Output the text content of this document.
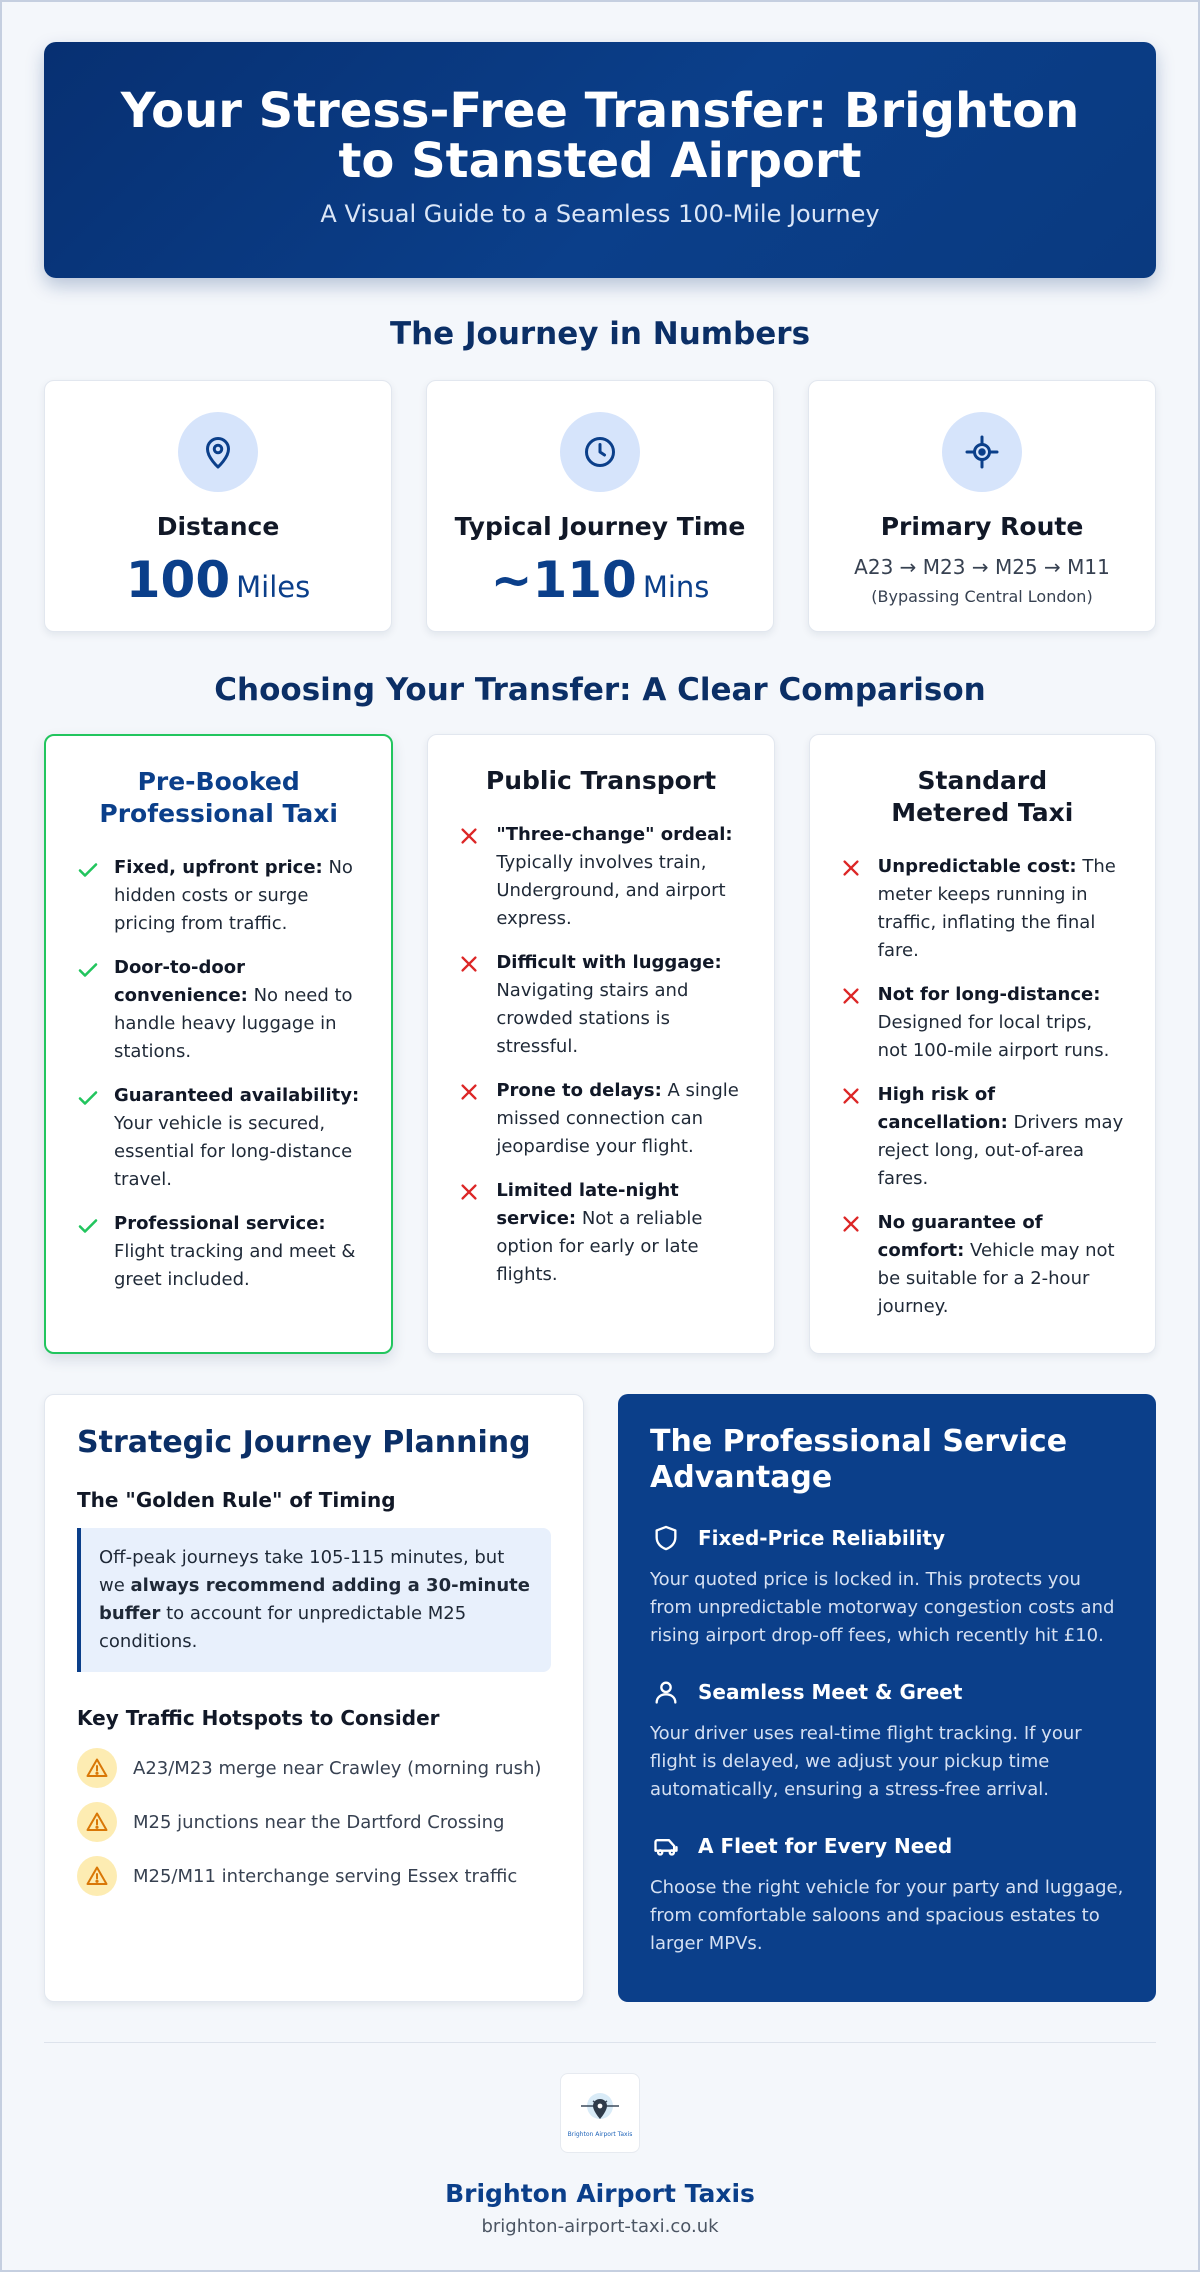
Your Stress-Free Transfer: Brighton to Stansted Airport

A Visual Guide to a Seamless 100-Mile Journey

The Journey in Numbers
Distance
100 Miles
Typical Journey Time
~110 Mins
Primary Route
A23 → M23 → M25 → M11
(Bypassing Central London)
Choosing Your Transfer: A Clear Comparison
Pre-Booked Professional Taxi
Fixed, upfront price: No hidden costs or surge pricing from traffic.
Door-to-door convenience: No need to handle heavy luggage in stations.
Guaranteed availability: Your vehicle is secured, essential for long-distance travel.
Professional service: Flight tracking and meet & greet included.
Public Transport
"Three-change" ordeal: Typically involves train, Underground, and airport express.
Difficult with luggage: Navigating stairs and crowded stations is stressful.
Prone to delays: A single missed connection can jeopardise your flight.
Limited late-night service: Not a reliable option for early or late flights.
Standard Metered Taxi
Unpredictable cost: The meter keeps running in traffic, inflating the final fare.
Not for long-distance: Designed for local trips, not 100-mile airport runs.
High risk of cancellation: Drivers may reject long, out-of-area fares.
No guarantee of comfort: Vehicle may not be suitable for a 2-hour journey.
Strategic Journey Planning
The "Golden Rule" of Timing
Off-peak journeys take 105-115 minutes, but we always recommend adding a 30-minute buffer to account for unpredictable M25 conditions.
Key Traffic Hotspots to Consider
A23/M23 merge near Crawley (morning rush)
M25 junctions near the Dartford Crossing
M25/M11 interchange serving Essex traffic
The Professional Service Advantage
Fixed-Price Reliability

Your quoted price is locked in. This protects you from unpredictable motorway congestion costs and rising airport drop-off fees, which recently hit £10.

Seamless Meet & Greet

Your driver uses real-time flight tracking. If your flight is delayed, we adjust your pickup time automatically, ensuring a stress-free arrival.

A Fleet for Every Need

Choose the right vehicle for your party and luggage, from comfortable saloons and spacious estates to larger MPVs.

Brighton Airport Taxis
Brighton Airport Taxis
brighton-airport-taxi.co.uk
